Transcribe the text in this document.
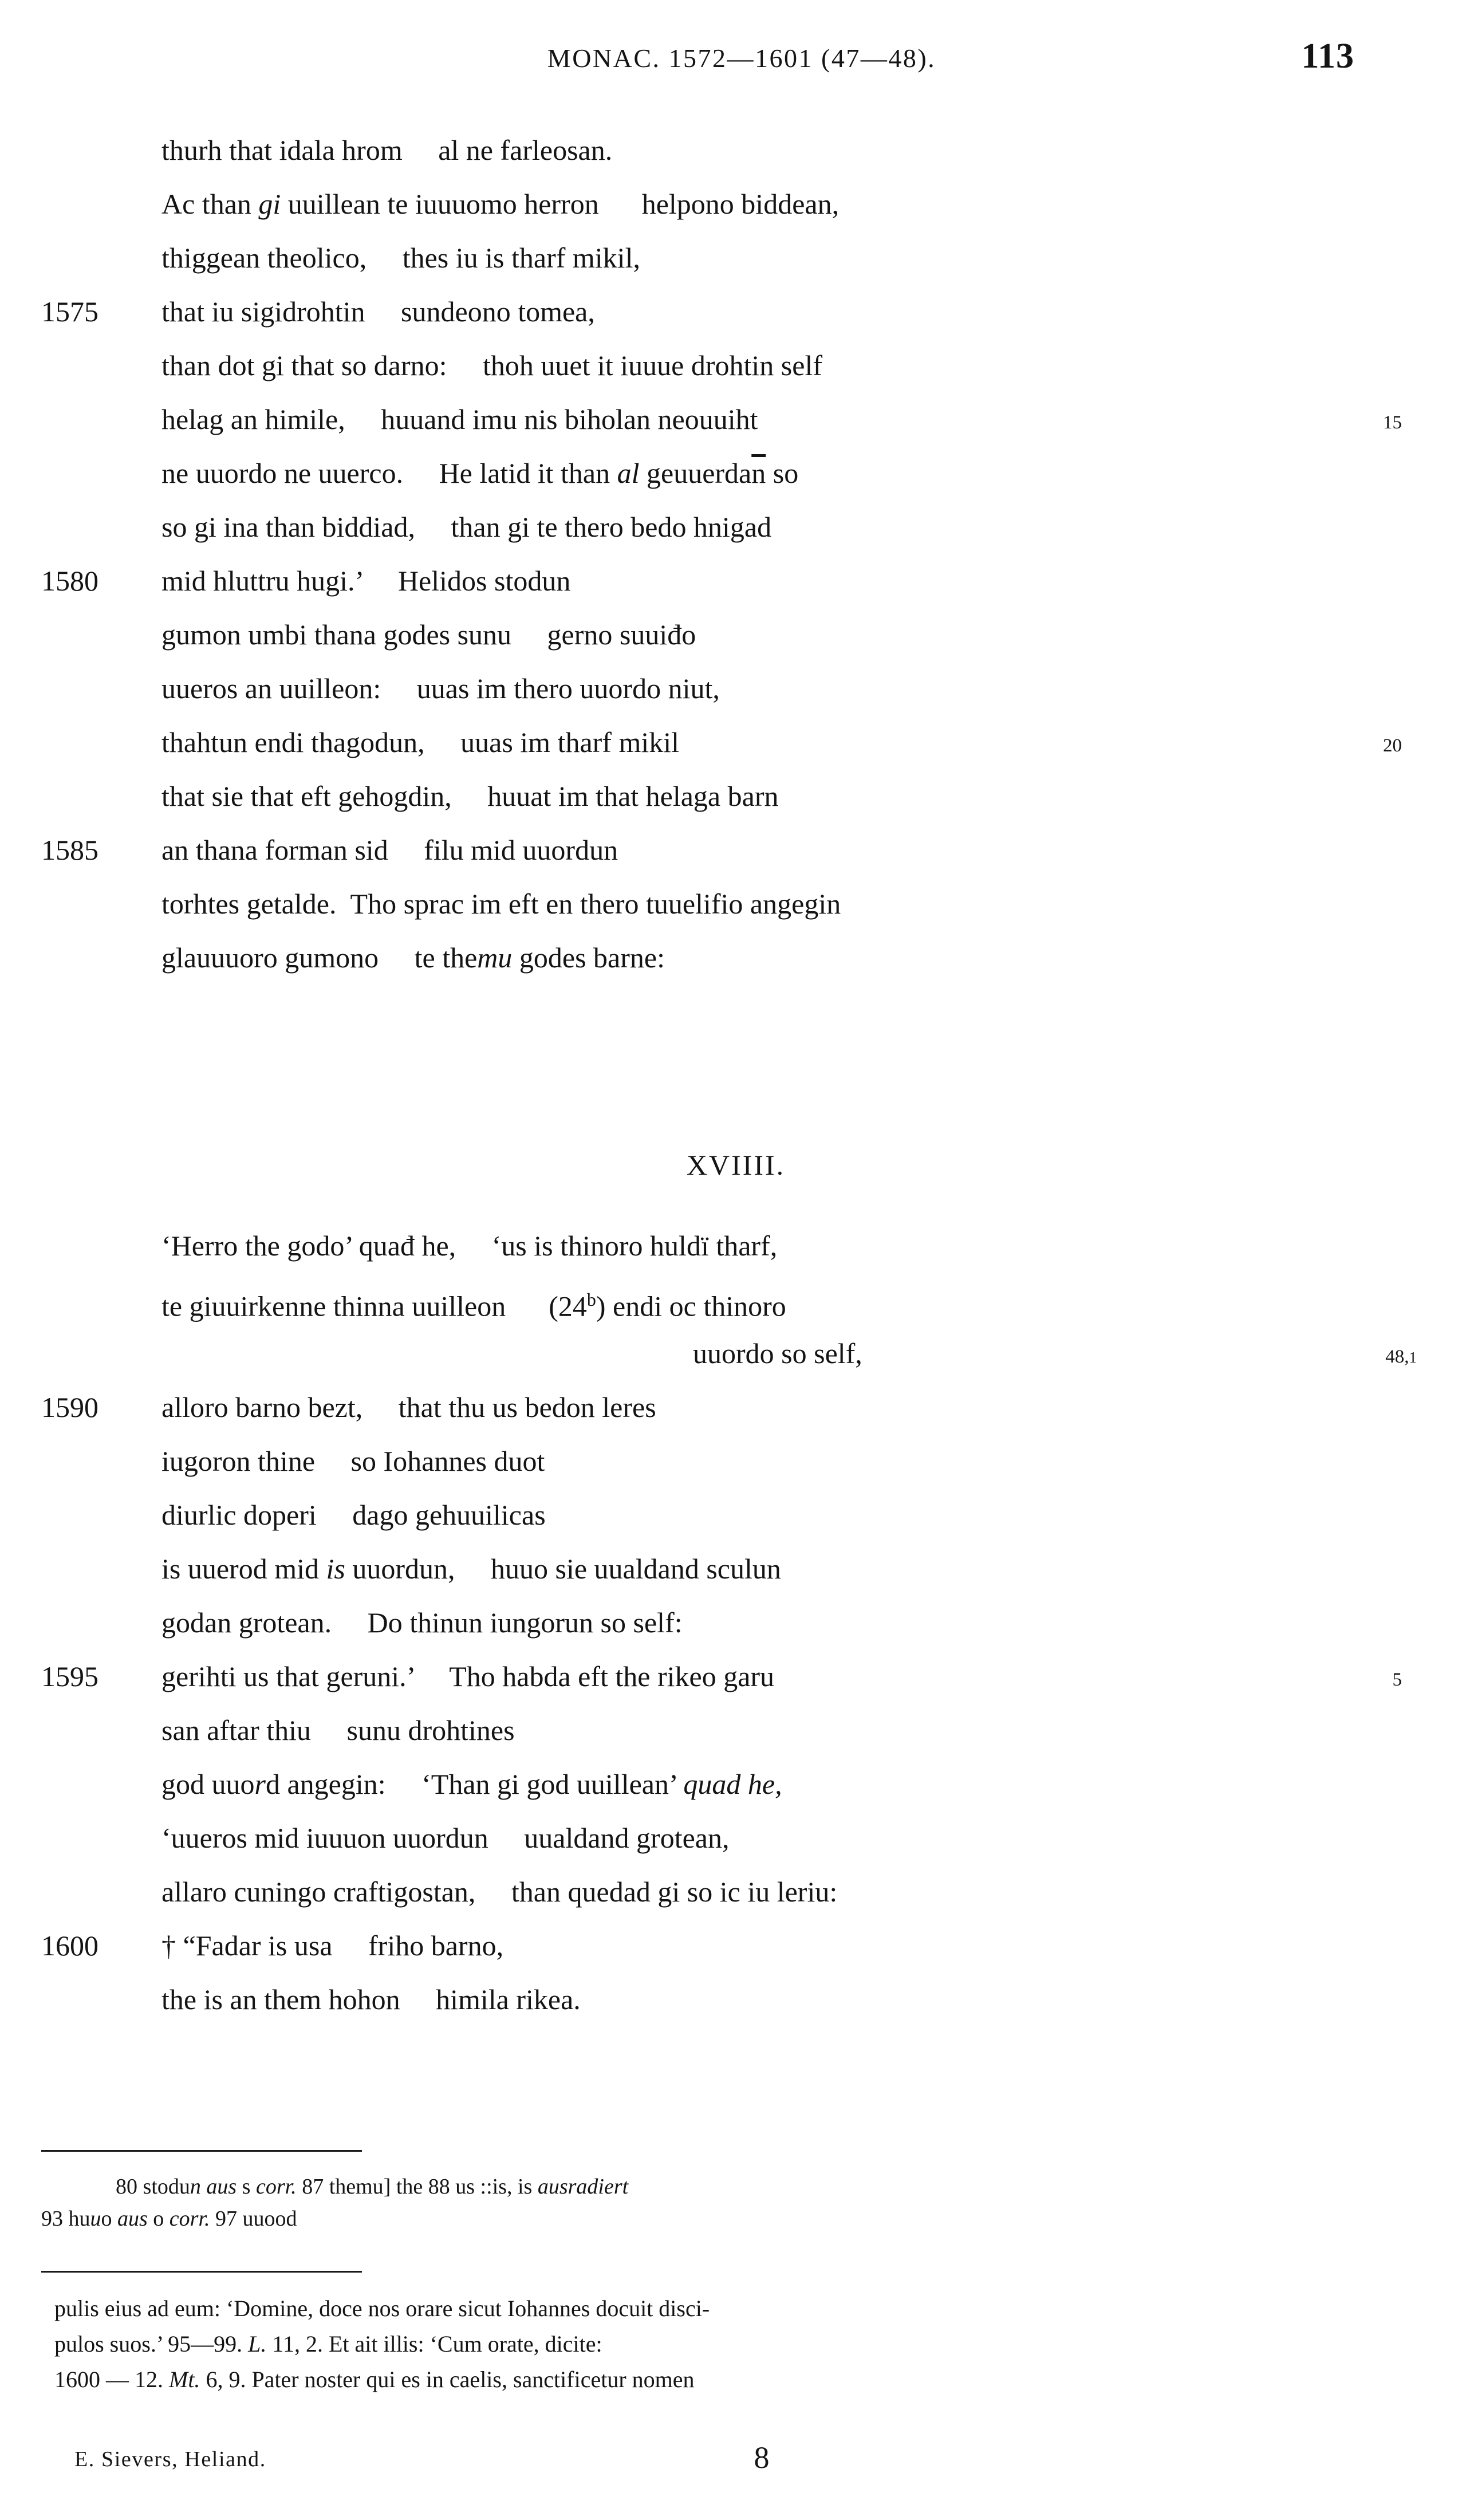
MONAC. 1572—1601 (47—48).	113
thurh that idala hrom     al ne farleosan.
Ac than gi uuillean te iuuuomo herron      helpono biddean,
thiggean theolico,     thes iu is tharf mikil,
1575	that iu sigidrohtin     sundeono tomea,
than dot gi that so darno:     thoh uuet it iuuue drohtin self
helag an himile,     huuand imu nis biholan neouuiht	15
ne uuordo ne uuerco.     He latid it than al $geuuerda\overline{n}$ so
so gi ina than biddiad,     than gi te thero bedo hnigad
1580	mid hluttru hugi.’     Helidos stodun
gumon umbi thana godes sunu     gerno suuiđo
uueros an uuilleon:     uuas im thero uuordo niut,
thahtun endi thagodun,     uuas im tharf mikil	20
that sie that eft gehogdin,     huuat im that helaga barn
1585	an thana forman sid     filu mid uuordun
torhtes getalde.  Tho sprac im eft en thero tuuelifio angegin
glauuuoro gumono     te themu godes barne:
XVIIII.
‘Herro the godo’ quađ he,     ‘us is thinoro huldï tharf,
te giuuirkenne thinna uuilleon      (24$^b$) endi oc thinoro
uuordo so self,	48,1
1590	alloro barno bezt,     that thu us bedon leres
iugoron thine     so Iohannes duot
diurlic doperi     dago gehuuilicas
is uuerod mid is uuordun,     huuo sie uualdand sculun
godan grotean.     Do thinun iungorun so self:
1595	gerihti us that geruni.’     Tho habda eft the rikeo garu	5
san aftar thiu     sunu drohtines
god uuord angegin:     ‘Than gi god uuillean’ quad he,
‘uueros mid iuuuon uuordun     uualdand grotean,
allaro cuningo craftigostan,     than quedad gi so ic iu leriu:
1600	† “Fadar is usa     friho barno,
the is an them hohon     himila rikea.
80 stodun aus s corr. 87 themu] the 88 us ::is, is ausradiert
93 huuo aus o corr. 97 uuood
pulis eius ad eum: ‘Domine, doce nos orare sicut Iohannes docuit disci-
pulos suos.’ 95—99. L. 11, 2. Et ait illis: ‘Cum orate, dicite:
1600 — 12. Mt. 6, 9. Pater noster qui es in caelis, sanctificetur nomen
E. Sievers, Heliand.	8
